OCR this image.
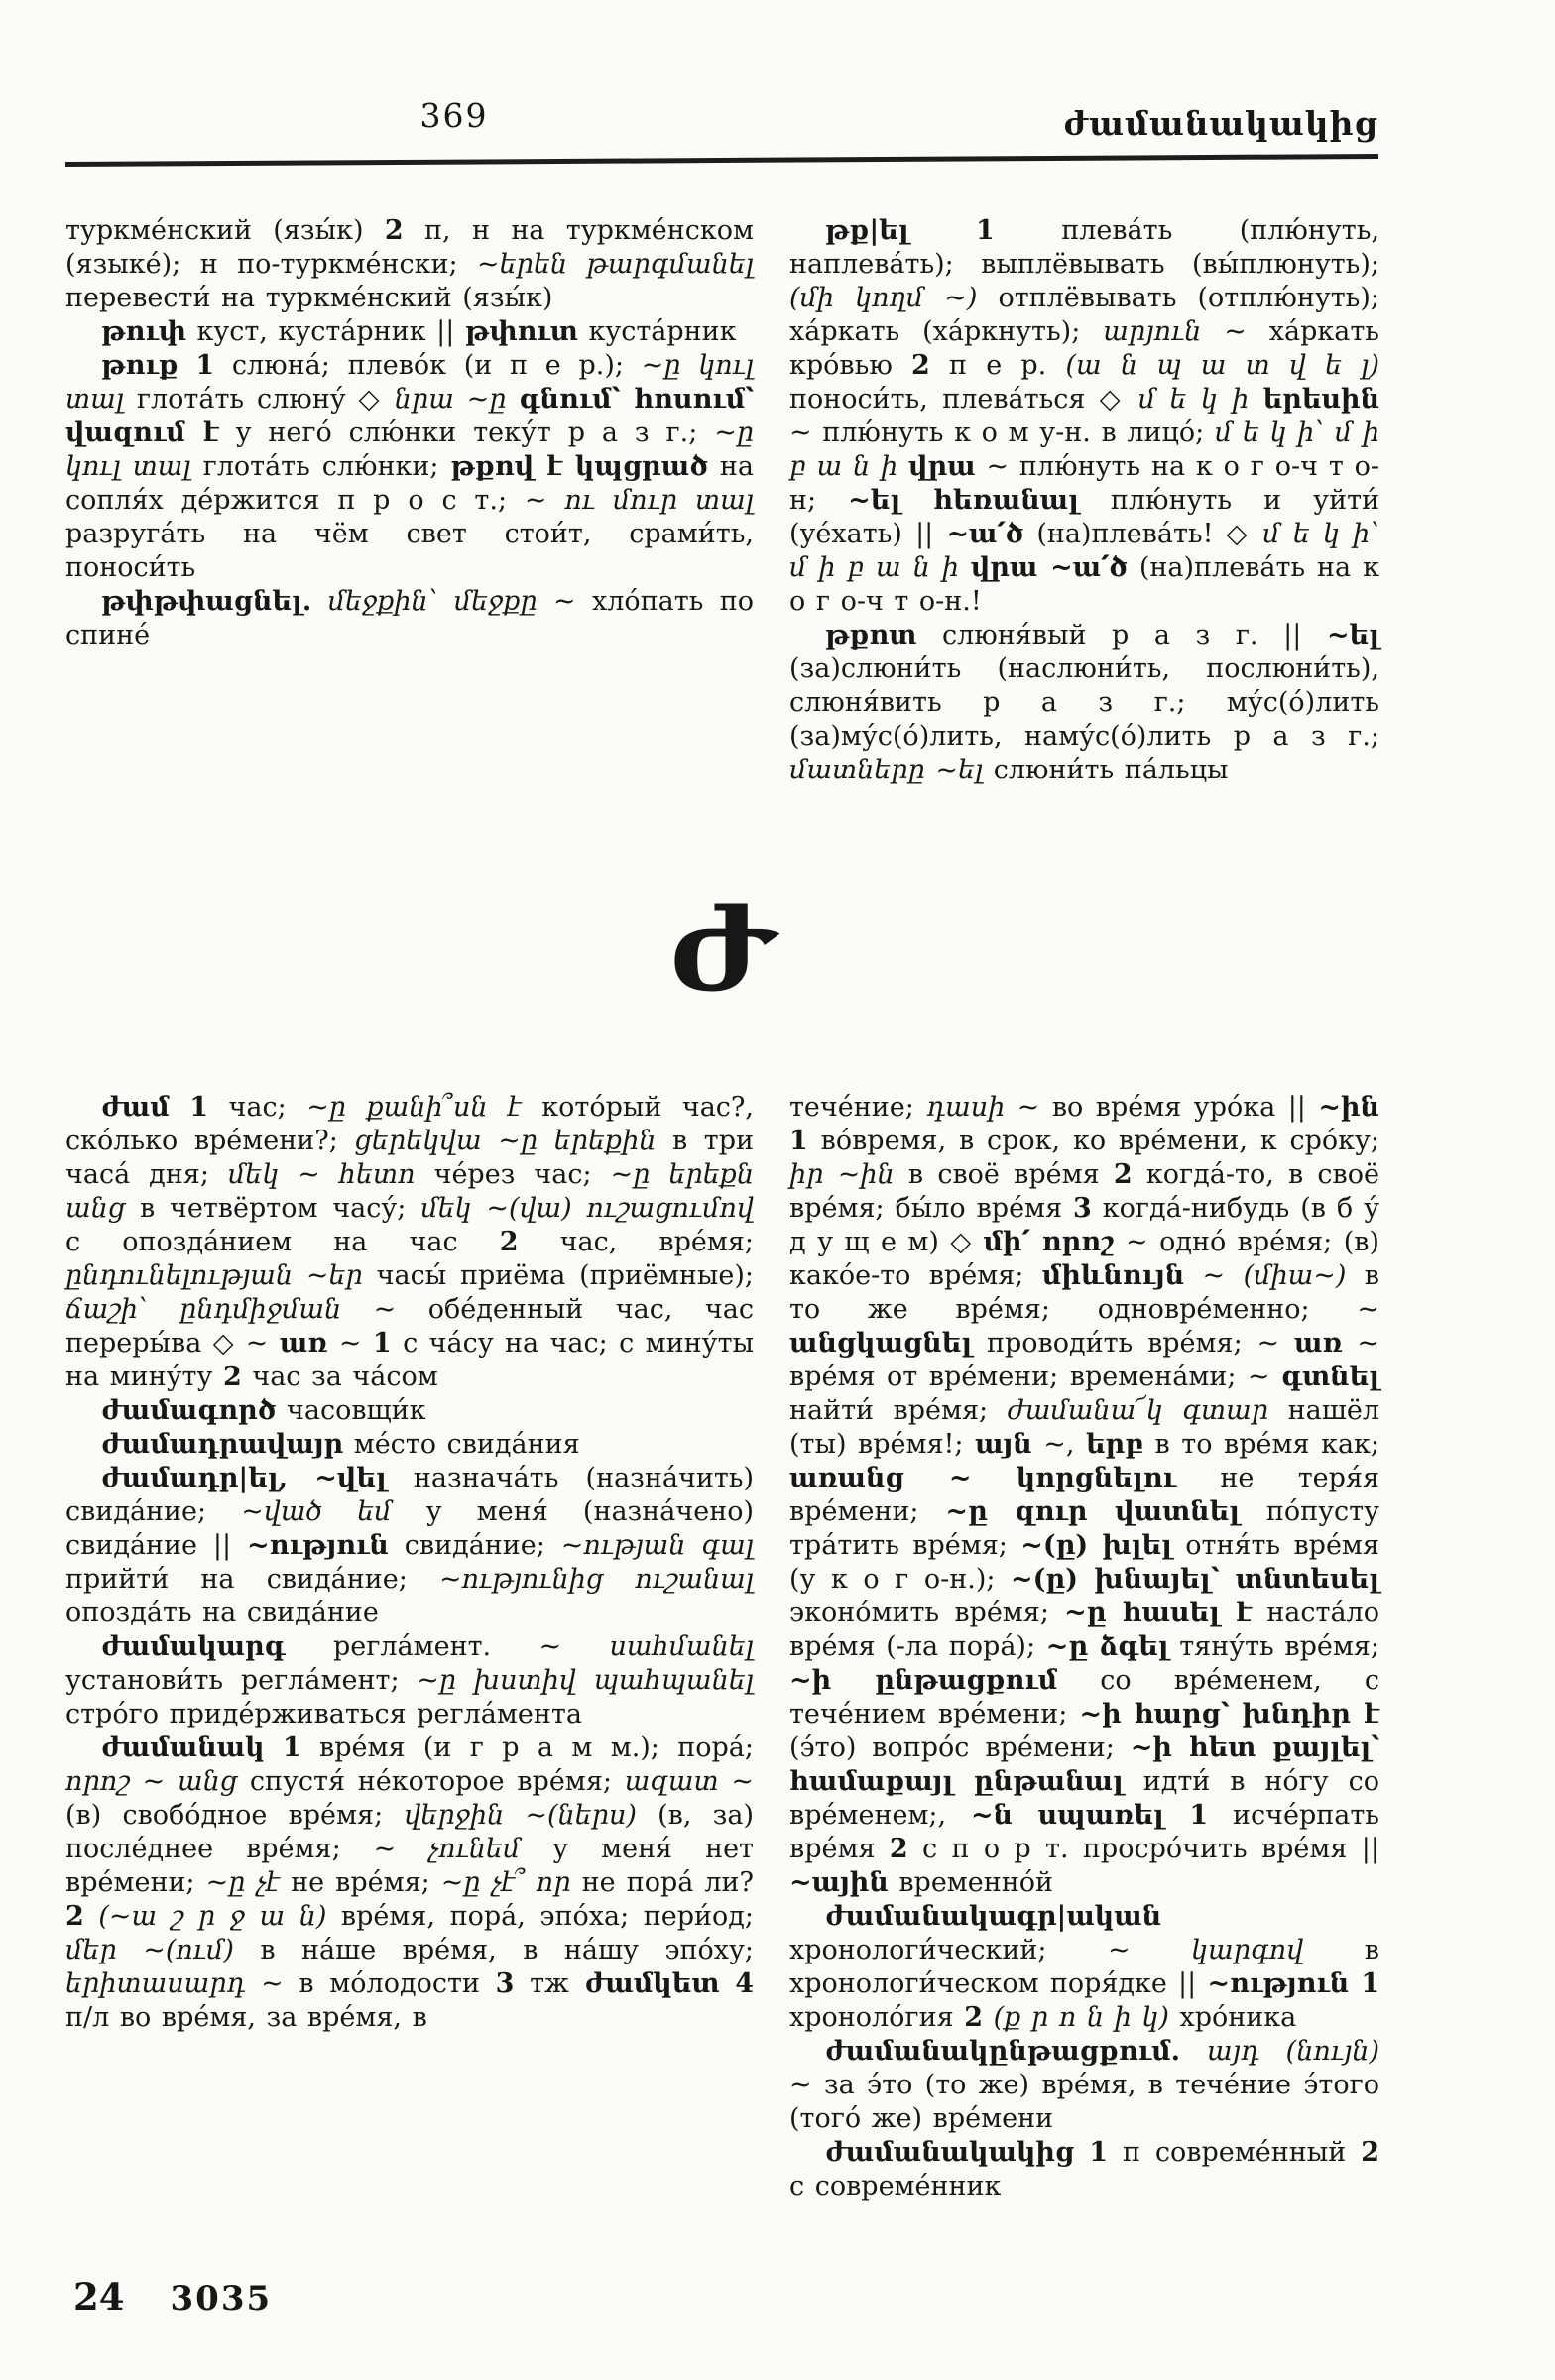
369	ժամանակակից

туркме́нский (язы́к) 2 п, н на туркме́нском (языке́); н по-туркме́нски; ~երեն թարգմանել перевести́ на туркме́нский (язы́к)

թուփ куст, куста́рник || թփուտ куста́рник

թուք 1 слюна́; плево́к (и п е р.); ~ը կուլ տալ глота́ть слюну́ ◇ նրա ~ը գնում՝ հոսում՝ վազում է у него́ слю́нки теку́т р а з г.; ~ը կուլ տալ глота́ть слю́нки; թքով է կպցրած на сопля́х де́ржится п р о с т.; ~ ու մուր տալ разруга́ть на чём свет стои́т, срами́ть, поноси́ть

թփթփացնել. մեջքին՝ մեջքը ~ хло́пать по спине́

թք|ել 1 плева́ть (плю́нуть, наплева́ть); выплёвывать (вы́плюнуть); (մի կողմ ~) отплёвывать (отплю́нуть); ха́ркать (ха́ркнуть); արյուն ~ ха́ркать кро́вью 2 п е р. (ա ն պ ա տ վ ե լ) поноси́ть, плева́ться ◇ մ ե կ ի երեսին ~ плю́нуть к о м у-н. в лицо́; մ ե կ ի՝ մ ի բ ա ն ի վրա ~ плю́нуть на к о г о-ч т о-н; ~ել հեռանալ плю́нуть и уйти́ (уе́хать) || ~ա՛ծ (на)плева́ть! ◇ մ ե կ ի՝ մ ի բ ա ն ի վրա ~ա՛ծ (на)плева́ть на к о г о-ч т о-н.!

թքոտ слюня́вый р а з г. || ~ել (за)слюни́ть (наслюни́ть, послюни́ть), слюня́вить р а з г.; му́с(о́)лить (за)му́с(о́)лить, наму́с(о́)лить р а з г.; մատները ~ել слюни́ть па́льцы

Ժ

ժամ 1 час; ~ը քանի՞սն է кото́рый час?, ско́лько вре́мени?; ցերեկվա ~ը երեքին в три часа́ дня; մեկ ~ հետո че́рез час; ~ը երեքն անց в четвёртом часу́; մեկ ~(վա) ուշացումով с опозда́нием на час 2 час, вре́мя; ընդունելության ~եր часы́ приёма (приёмные); ճաշի՝ ընդմիջման ~ обе́денный час, час переры́ва ◇ ~ առ ~ 1 с ча́су на час; с мину́ты на мину́ту 2 час за ча́сом

ժամագործ часовщи́к

ժամադրավայր ме́сто свида́ния

ժամադր|ել, ~վել назнача́ть (назна́чить) свида́ние; ~ված եմ у меня́ (назна́чено) свида́ние || ~ություն свида́ние; ~ության գալ прийти́ на свида́ние; ~ությունից ուշանալ опозда́ть на свида́ние

ժամակարգ регла́мент. ~ սահմանել установи́ть регла́мент; ~ը խստիվ պահպանել стро́го приде́рживаться регла́мента

ժամանակ 1 вре́мя (и г р а м м.); пора́; որոշ ~ անց спустя́ не́которое вре́мя; ազատ ~ (в) свобо́дное вре́мя; վերջին ~(ներս) (в, за) после́днее вре́мя; ~ չունեմ у меня́ нет вре́мени; ~ը չէ не вре́мя; ~ը չէ՞ որ не пора́ ли? 2 (~ա շ ր ջ ա ն) вре́мя, пора́, эпо́ха; пери́од; մեր ~(ում) в на́ше вре́мя, в на́шу эпо́ху; երիտասարդ ~ в мо́лодости 3 тж ժամկետ 4 п/л во вре́мя, за вре́мя, в

тече́ние; դասի ~ во вре́мя уро́ка || ~ին 1 во́время, в срок, ко вре́мени, к сро́ку; իր ~ին в своё вре́мя 2 когда́-то, в своё вре́мя; бы́ло вре́мя 3 когда́-нибудь (в б у́ д у щ е м) ◇ մի՛ որոշ ~ одно́ вре́мя; (в) како́е-то вре́мя; միևնույն ~ (միա~) в то же вре́мя; одновре́менно; ~ անցկացնել проводи́ть вре́мя; ~ առ ~ вре́мя от вре́мени; времена́ми; ~ գտնել найти́ вре́мя; ժամանա՜կ գտար нашёл (ты) вре́мя!; այն ~, երբ в то вре́мя как; առանց ~ կորցնելու не теря́я вре́мени; ~ը զուր վատնել по́пусту тра́тить вре́мя; ~(ը) խլել отня́ть вре́мя (у к о г о-н.); ~(ը) խնայել՝ տնտեսել эконо́мить вре́мя; ~ը հասել է наста́ло вре́мя (-ла пора́); ~ը ձգել тяну́ть вре́мя; ~ի ընթացքում со вре́менем, с тече́нием вре́мени; ~ի հարց՝ խնդիր է (э́то) вопро́с вре́мени; ~ի հետ քայլել՝ համաքայլ ընթանալ идти́ в но́гу со вре́менем;, ~ն սպառել 1 исче́рпать вре́мя 2 с п о р т. просро́чить вре́мя || ~ային временно́й

ժամանակագր|ական хронологи́ческий; ~ կարգով в хронологи́ческом поря́дке || ~ություն 1 хроноло́гия 2 (ք ր ո ն ի կ) хро́ника

ժամանակընթացքում. այդ (նույն) ~ за э́то (то же) вре́мя, в тече́ние э́того (того́ же) вре́мени

ժամանակակից 1 п совреме́нный 2 с совреме́нник

24 3035
